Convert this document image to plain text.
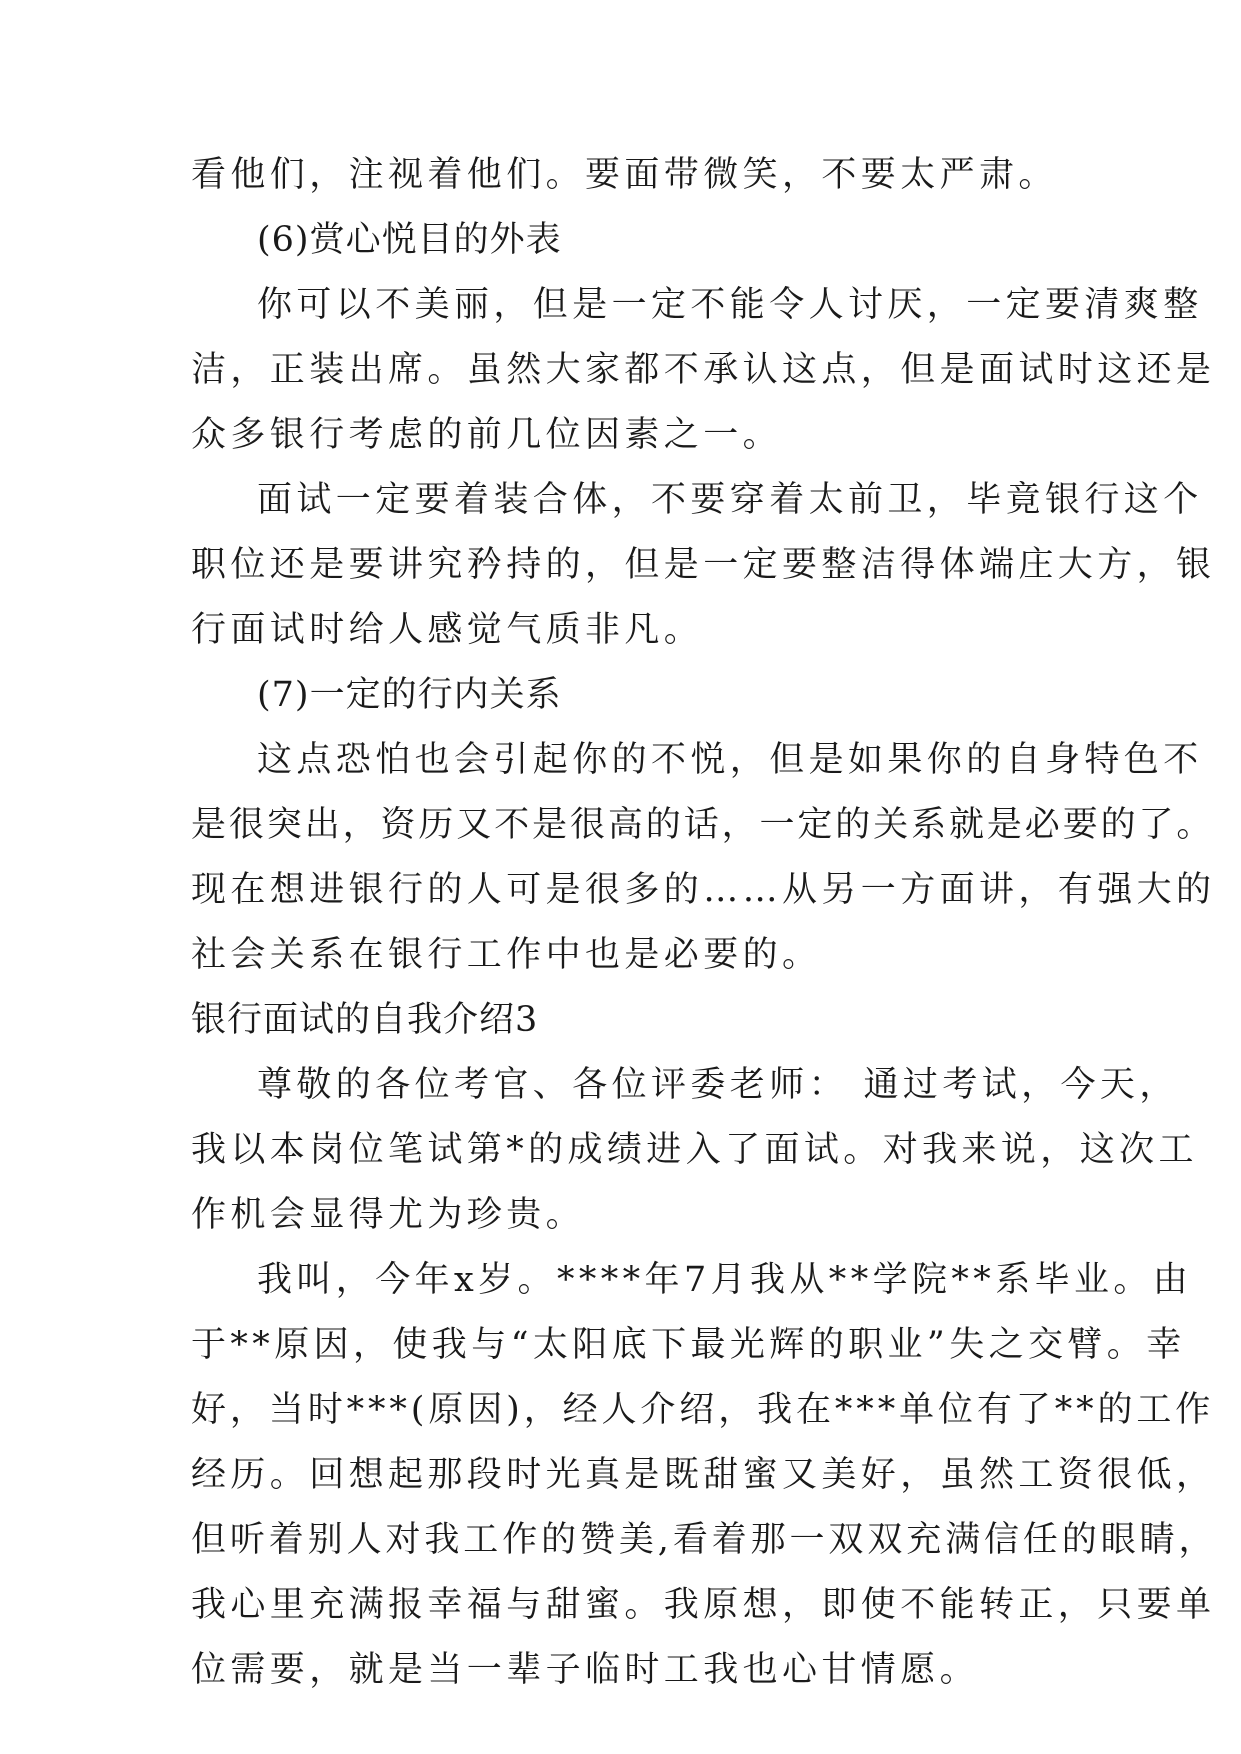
看他们，注视着他们。要面带微笑，不要太严肃。
(6)赏心悦目的外表
你可以不美丽，但是一定不能令人讨厌，一定要清爽整
洁，正装出席。虽然大家都不承认这点，但是面试时这还是
众多银行考虑的前几位因素之一。
面试一定要着装合体，不要穿着太前卫，毕竟银行这个
职位还是要讲究矜持的，但是一定要整洁得体端庄大方，银
行面试时给人感觉气质非凡。
(7)一定的行内关系
这点恐怕也会引起你的不悦，但是如果你的自身特色不
是很突出，资历又不是很高的话，一定的关系就是必要的了。
现在想进银行的人可是很多的……从另一方面讲，有强大的
社会关系在银行工作中也是必要的。
银行面试的自我介绍3
尊敬的各位考官、各位评委老师： 通过考试，今天，
我以本岗位笔试第*的成绩进入了面试。对我来说，这次工
作机会显得尤为珍贵。
我叫，今年x岁。****年7月我从**学院**系毕业。由
于**原因，使我与“太阳底下最光辉的职业”失之交臂。幸
好，当时***(原因)，经人介绍，我在***单位有了**的工作
经历。回想起那段时光真是既甜蜜又美好，虽然工资很低，
但听着别人对我工作的赞美,看着那一双双充满信任的眼睛，
我心里充满报幸福与甜蜜。我原想，即使不能转正，只要单
位需要，就是当一辈子临时工我也心甘情愿。
